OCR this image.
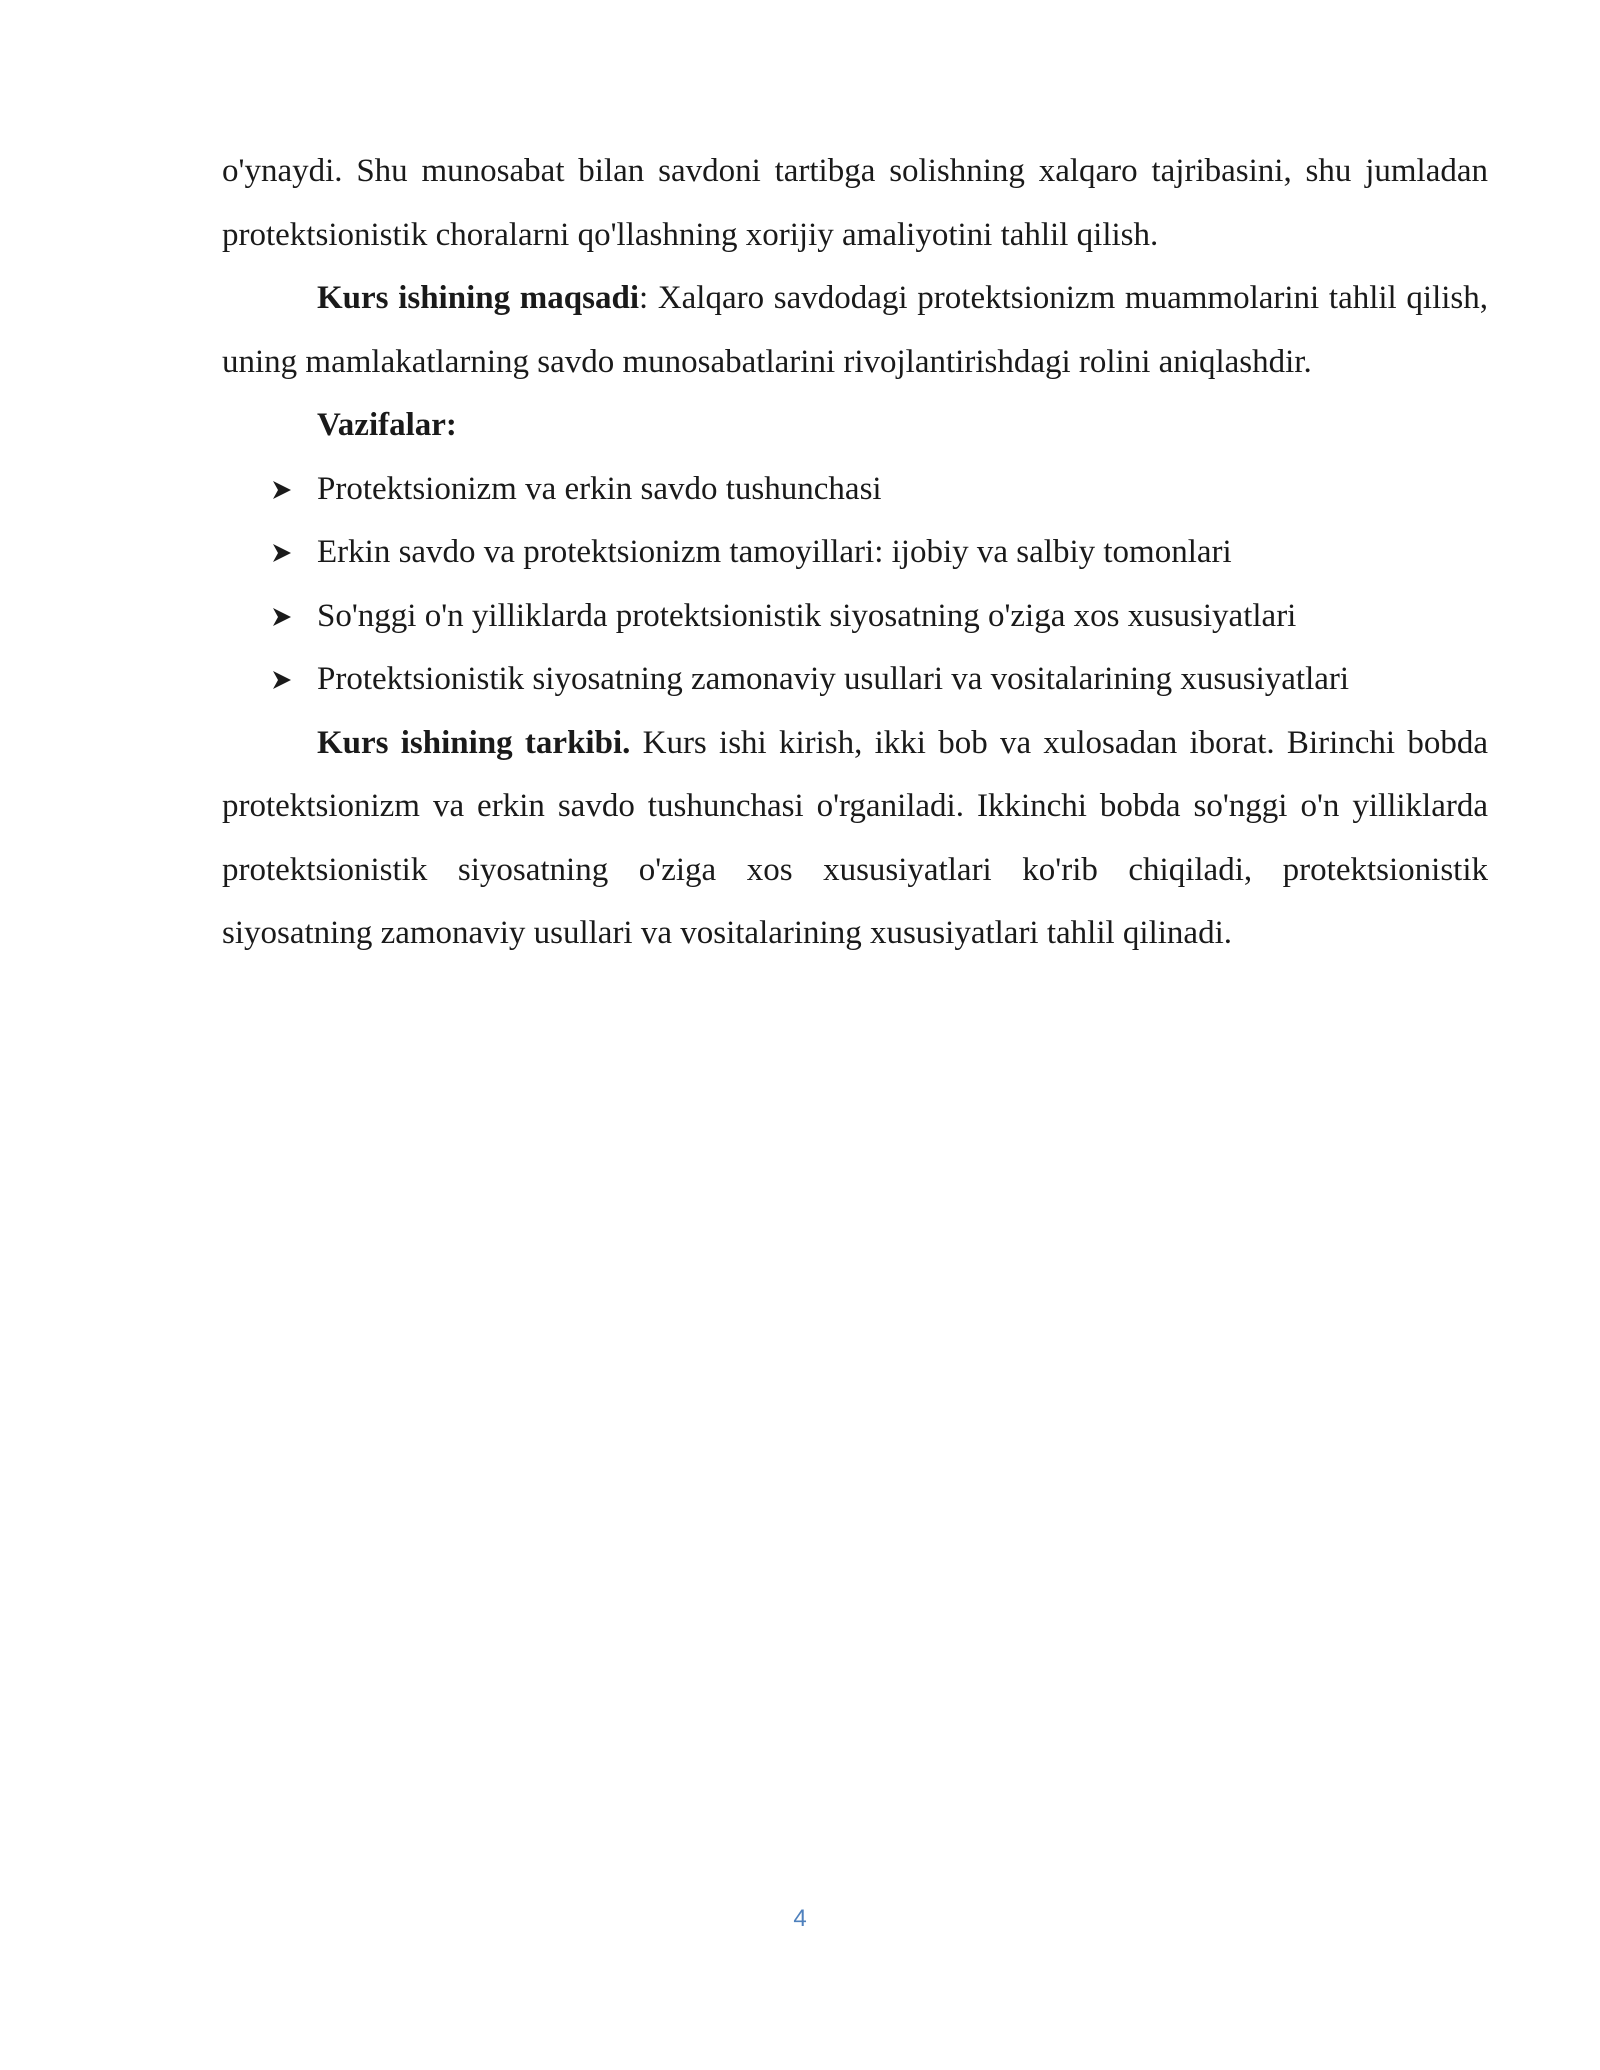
o'ynaydi. Shu munosabat bilan savdoni tartibga solishning xalqaro tajribasini, shu jumladan protektsionistik choralarni qo'llashning xorijiy amaliyotini tahlil qilish.

Kurs ishining maqsadi: Xalqaro savdodagi protektsionizm muammolarini tahlil qilish, uning mamlakatlarning savdo munosabatlarini rivojlantirishdagi rolini aniqlashdir.

Vazifalar:

Protektsionizm va erkin savdo tushunchasi
Erkin savdo va protektsionizm tamoyillari: ijobiy va salbiy tomonlari
So'nggi o'n yilliklarda protektsionistik siyosatning o'ziga xos xususiyatlari
Protektsionistik siyosatning zamonaviy usullari va vositalarining xususiyatlari

Kurs ishining tarkibi. Kurs ishi kirish, ikki bob va xulosadan iborat. Birinchi bobda protektsionizm va erkin savdo tushunchasi o'rganiladi. Ikkinchi bobda so'nggi o'n yilliklarda protektsionistik siyosatning o'ziga xos xususiyatlari ko'rib chiqiladi, protektsionistik siyosatning zamonaviy usullari va vositalarining xususiyatlari tahlil qilinadi.

4
